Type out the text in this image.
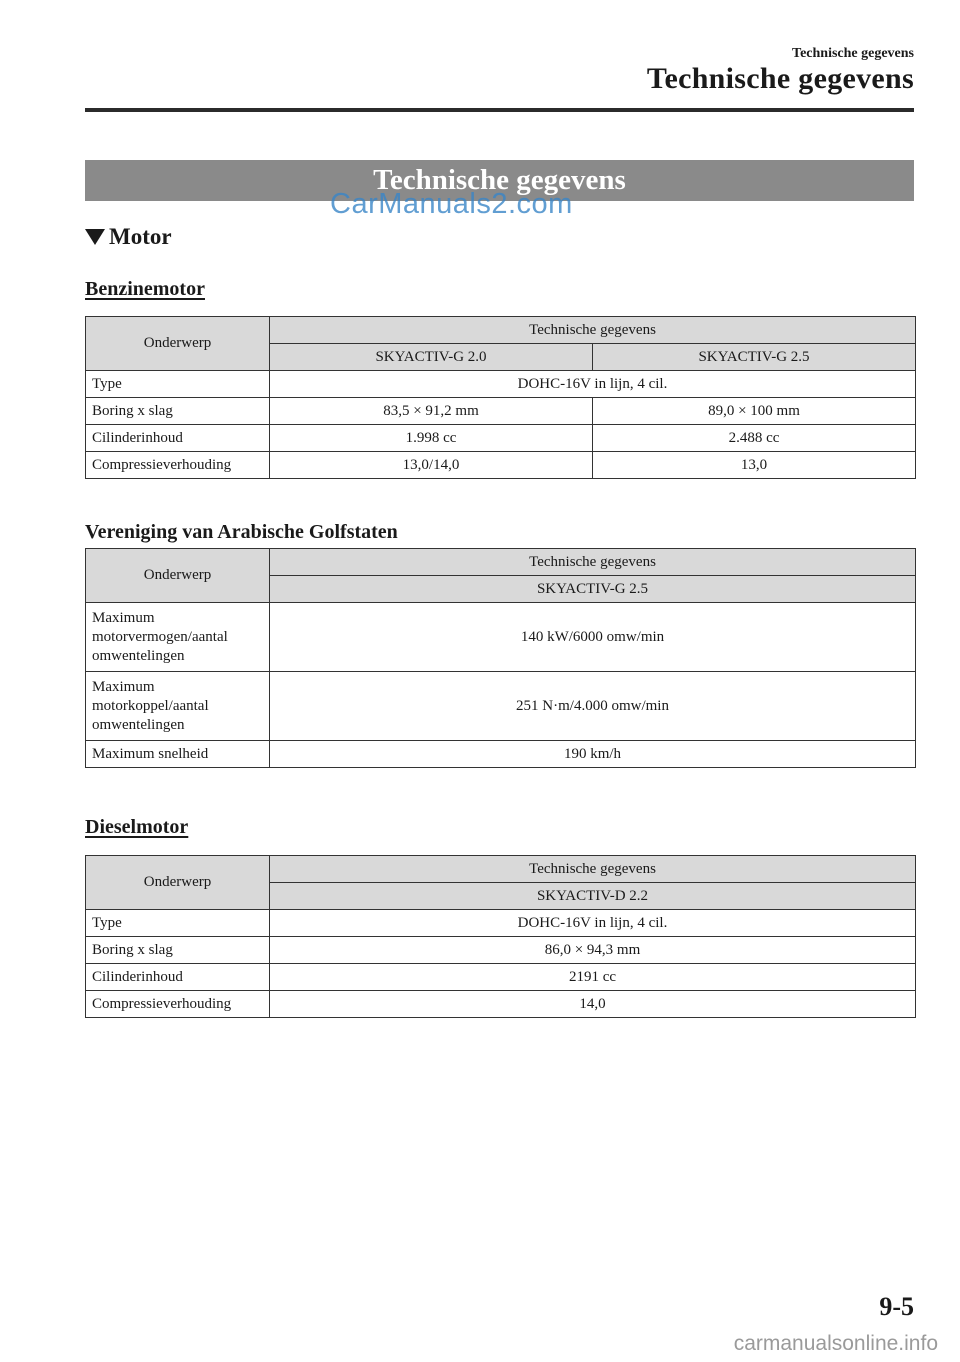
Technische gegevens
Technische gegevens
Technische gegevens
CarManuals2.com
Motor
Benzinemotor
Onderwerp	Technische gegevens	
	SKYACTIV-G 2.0	SKYACTIV-G 2.5
Type	DOHC-16V in lijn, 4 cil.	
Boring x slag	83,5 × 91,2 mm	89,0 × 100 mm
Cilinderinhoud	1.998 cc	2.488 cc
Compressieverhouding	13,0/14,0	13,0
Vereniging van Arabische Golfstaten
Onderwerp	Technische gegevens
	SKYACTIV-G 2.5

Maximum
motorvermogen/aantal
omwentelingen	140 kW/6000 omw/min

Maximum
motorkoppel/aantal
omwentelingen	251 N·m/4.000 omw/min
Maximum snelheid	190 km/h
Dieselmotor
Onderwerp	Technische gegevens
	SKYACTIV-D 2.2
Type	DOHC-16V in lijn, 4 cil.
Boring x slag	86,0 × 94,3 mm
Cilinderinhoud	2191 cc
Compressieverhouding	14,0
9-5
carmanualsonline.info
